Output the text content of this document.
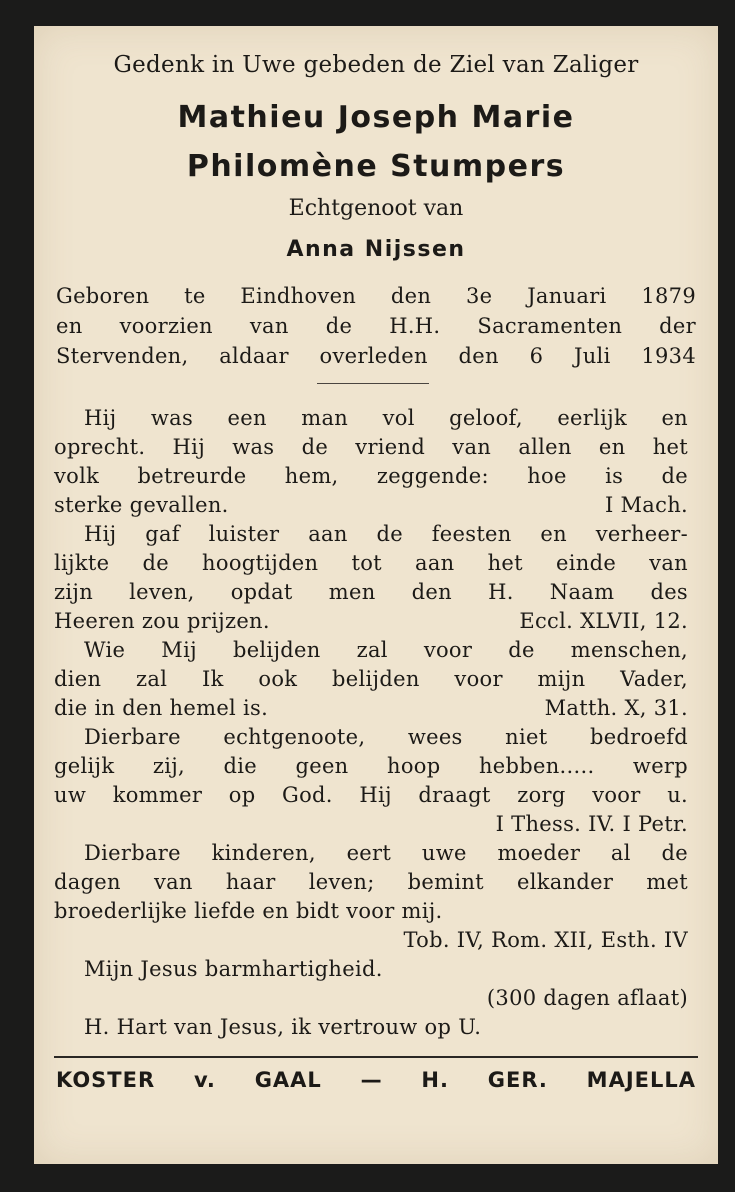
Gedenk in Uwe gebeden de Ziel van Zaliger
Mathieu Joseph Marie
Philomène Stumpers
Echtgenoot van
Anna Nijssen
Geboren te Eindhoven den 3e Januari 1879
en voorzien van de H.H. Sacramenten der
Stervenden, aldaar overleden den 6 Juli 1934
Hij was een man vol geloof, eerlijk en
oprecht. Hij was de vriend van allen en het
volk betreurde hem, zeggende: hoe is de
sterke gevallen.	I Mach.
Hij gaf luister aan de feesten en verheer-
lijkte de hoogtijden tot aan het einde van
zijn leven, opdat men den H. Naam des
Heeren zou prijzen.	Eccl. XLVII, 12.
Wie Mij belijden zal voor de menschen,
dien zal Ik ook belijden voor mijn Vader,
die in den hemel is.	Matth. X, 31.
Dierbare echtgenoote, wees niet bedroefd
gelijk zij, die geen hoop hebben..... werp
uw kommer op God. Hij draagt zorg voor u.
I Thess. IV. I Petr.
Dierbare kinderen, eert uwe moeder al de
dagen van haar leven; bemint elkander met
broederlijke liefde en bidt voor mij.
Tob. IV, Rom. XII, Esth. IV
Mijn Jesus barmhartigheid.
(300 dagen aflaat)
H. Hart van Jesus, ik vertrouw op U.
KOSTER v. GAAL — H. GER. MAJELLA
